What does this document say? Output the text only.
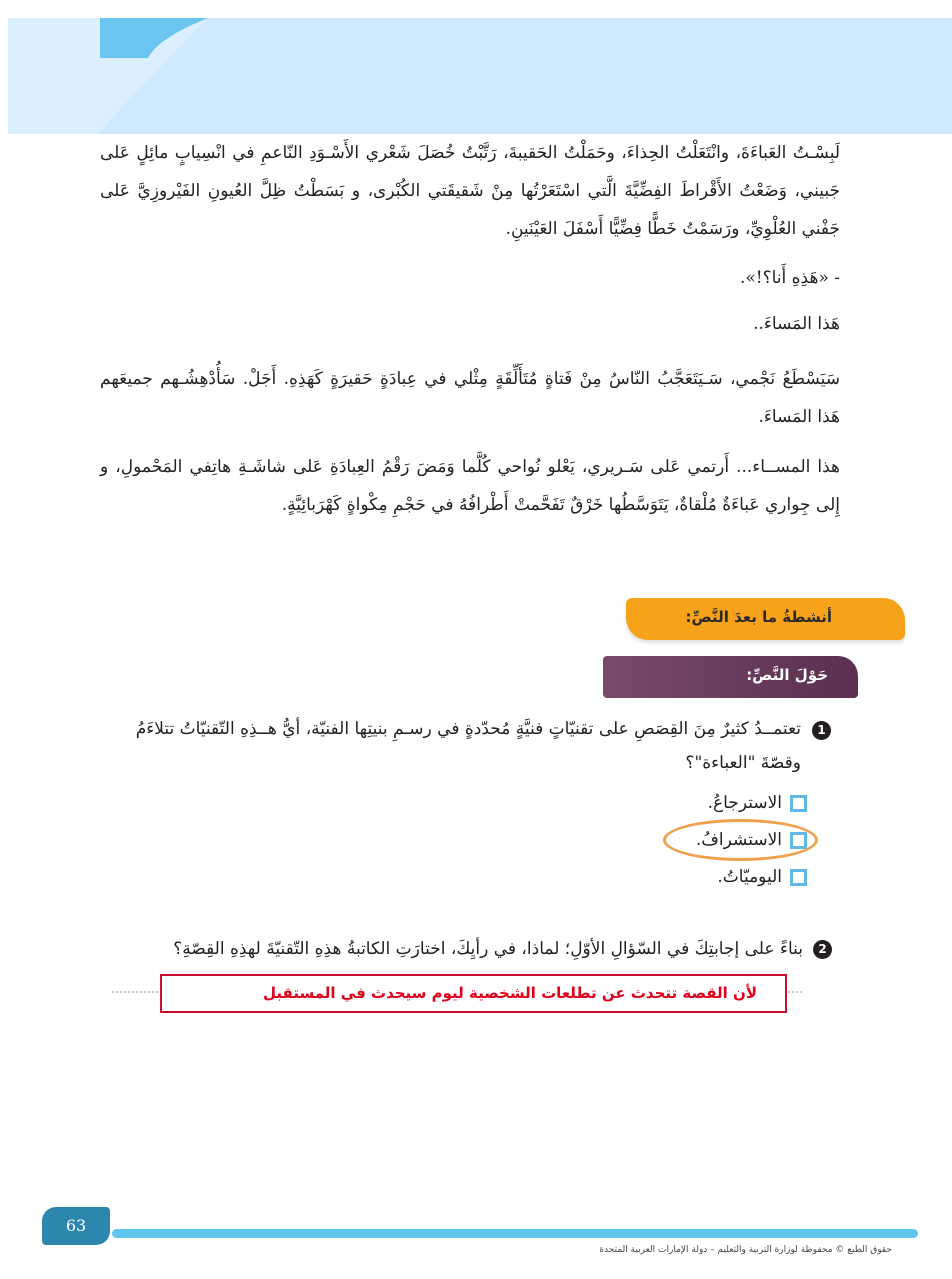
لَبِسْـتُ العَباءَةَ، وانْتَعَلْتُ الحِذاءَ، وحَمَلْتُ الحَقيبةَ، رَتَّبْتُ خُصَلَ شَعْري الأَسْـوَدِ النّاعمِ في انْسِيابٍ مائِلٍ عَلى جَبيني، وَضَعْتُ الأَقْراطَ الفِضِّيَّةَ الَّتي اسْتَعَرْتُها مِنْ شَقيقَتي الكُبْرى، و بَسَطْتُ ظِلَّ العُيونِ الفَيْروزِيَّ عَلى جَفْني العُلْوِيِّ، ورَسَمْتُ خَطًّا فِضِّيًّا أَسْفَلَ العَيْنَينِ.
- «هَذِهِ أَنا؟!».
هَذا المَساءَ..
سَيَسْطَعُ نَجْمي، سَـيَتَعَجَّبُ النّاسُ مِنْ فَتاةٍ مُتَأَلِّقَةٍ مِثْلي في عِبادَةٍ حَقيرَةٍ كَهَذِهِ. أَجَلْ. سَأُدْهِشُـهم جميعَهم هَذا المَساءَ.
هذا المســاء... أَرتمي عَلى سَـريري، يَعْلو نُواحي كُلَّما وَمَضَ رَقْمُ العِبادَةِ عَلى شاشَـةِ هاتِفي المَحْمولِ، و إِلى جِواري عَباءَةٌ مُلْقاةٌ، يَتَوَسَّطُها خَرْقٌ تَفَحَّمتْ أَطْرافُهُ في حَجْمِ مِكْواةٍ كَهْرَبائِيَّةٍ.
أنشطةُ ما بعدَ النَّصِّ:
حَوْلَ النَّصِّ:
1
تعتمــدُ كثيرٌ مِنَ القِصَصِ على تقنيّاتٍ فنيَّةٍ مُحدّدةٍ في رسـمِ بنيتِها الفنيّة، أيُّ هــذِهِ التّقنيّاتُ تتلاءَمُ وقصّةَ "العباءة"؟
الاسترجاعُ.
الاستشرافُ.
اليوميّاتُ.
2
بناءً على إجابتِكَ في السّؤالِ الأوّلِ؛ لماذا، في رأيِكَ، اختارَتِ الكاتبةُ هذِهِ التّقنيّةَ لهذِهِ القِصّةِ؟
لأن القصة تتحدث عن تطلعات الشخصية ليوم سيحدث في المستقبل
63
حقوق الطبع © محفوظة لوزارة التربية والتعليم – دولة الإمارات العربية المتحدة
